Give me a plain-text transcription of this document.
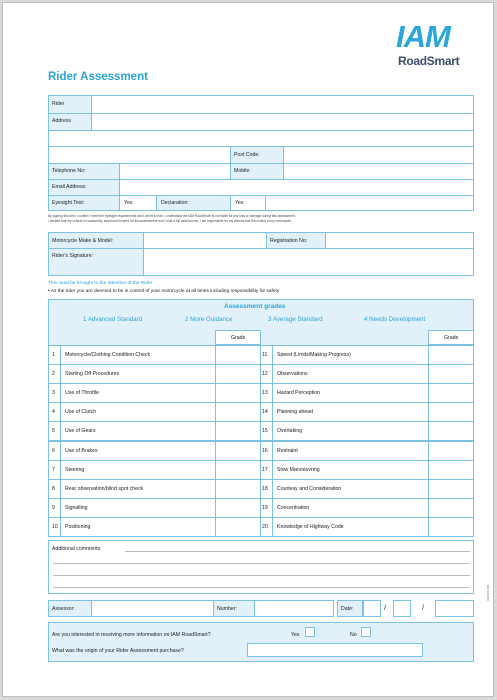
IAM
RoadSmart
Rider Assessment
Rider
Address
Post Code:
Telephone No:	Mobile:
Email Address:
Eyesight Test:	Yes	Declaration:	Yes
By signing this form I confirm I meet the eyesight requirements and I am fit to ride. I understand the IAM RoadSmart is not liable for any loss or damage during this assessment.
I declare that my vehicle is roadworthy, taxed and insured for this assessment and I hold a full valid licence. I am responsible for my actions and the control of my motorcycle.
Motorcycle Make & Model:	Registration No:
Rider's Signature:
This must be brought to the attention of the Rider
• As the rider you are deemed to be in control of your motorcycle at all times including responsibility for safety
Assessment grades
1 Advanced Standard	2 More Guidance	3 Average Standard	4 Needs Development
Grade	Grade
1 Motorcycle/Clothing Condition Check	11 Speed (Limits/Making Progress)
2 Starting Off Procedures	12 Observations
3 Use of Throttle	13 Hazard Perception
4 Use of Clutch	14 Planning ahead
5 Use of Gears	15 Overtaking
6 Use of Brakes	16 Restraint
7 Steering	17 Slow Manoeuvring
8 Rear observation/blind spot check	18 Courtesy and Consideration
9 Signalling	19 Concentration
10 Positioning	20 Knowledge of Highway Code
Additional comments:
Assessor:	Number:	Date:	/	/
Are you interested in receiving more information on IAM RoadSmart?	Yes	No
What was the origin of your Rider Assessment purchase?
IAM RS 004
